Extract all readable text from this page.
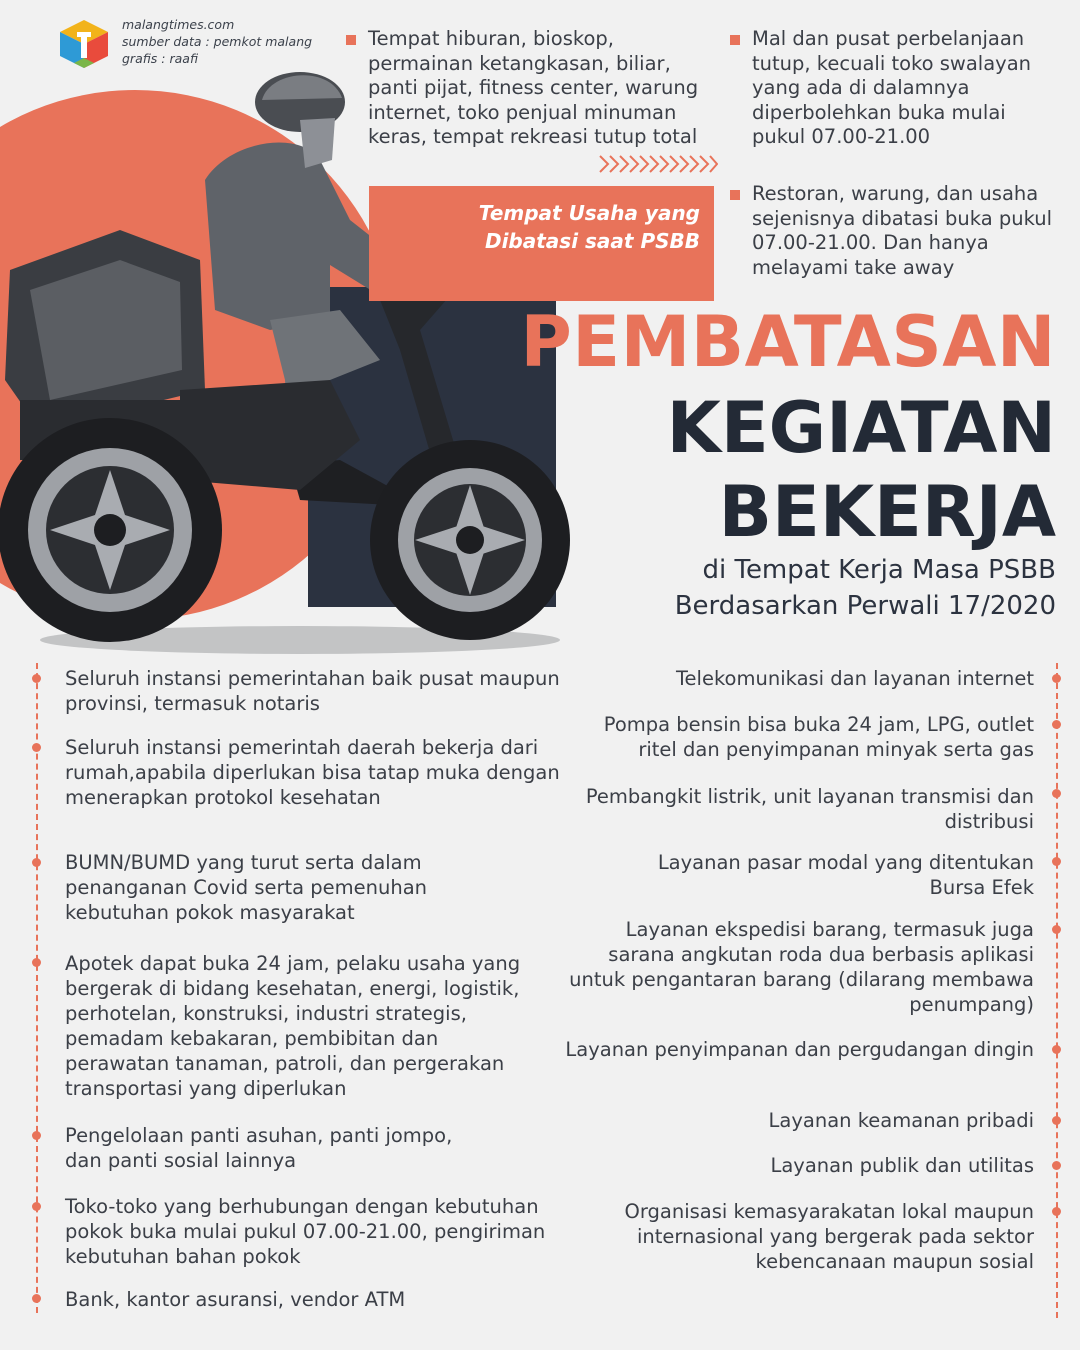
malangtimes.com
sumber data : pemkot malang
grafis : raafi
Tempat hiburan, bioskop, permainan ketangkasan, biliar, panti pijat, fitness center, warung internet, toko penjual minuman keras, tempat rekreasi tutup total
Mal dan pusat perbelanjaan tutup, kecuali toko swalayan yang ada di dalamnya diperbolehkan buka mulai pukul 07.00-21.00
Restoran, warung, dan usaha sejenisnya dibatasi buka pukul 07.00-21.00. Dan hanya melayami take away
Tempat Usaha yang
Dibatasi saat PSBB
PEMBATASAN
KEGIATAN
BEKERJA
di Tempat Kerja Masa PSBB
Berdasarkan Perwali 17/2020
Seluruh instansi pemerintahan baik pusat maupun provinsi, termasuk notaris
Seluruh instansi pemerintah daerah bekerja dari rumah,apabila diperlukan bisa tatap muka dengan menerapkan protokol kesehatan
BUMN/BUMD yang turut serta dalam penanganan Covid serta pemenuhan kebutuhan pokok masyarakat
Apotek dapat buka 24 jam, pelaku usaha yang bergerak di bidang kesehatan, energi, logistik, perhotelan, konstruksi, industri strategis, pemadam kebakaran, pembibitan dan perawatan tanaman, patroli, dan pergerakan transportasi yang diperlukan
Pengelolaan panti asuhan, panti jompo, dan panti sosial lainnya
Toko-toko yang berhubungan dengan kebutuhan pokok buka mulai pukul 07.00-21.00, pengiriman kebutuhan bahan pokok
Bank, kantor asuransi, vendor ATM
Telekomunikasi dan layanan internet
Pompa bensin bisa buka 24 jam, LPG, outlet ritel dan penyimpanan minyak serta gas
Pembangkit listrik, unit layanan transmisi dan distribusi
Layanan pasar modal yang ditentukan Bursa Efek
Layanan ekspedisi barang, termasuk juga sarana angkutan roda dua berbasis aplikasi untuk pengantaran barang (dilarang membawa penumpang)
Layanan penyimpanan dan pergudangan dingin
Layanan keamanan pribadi
Layanan publik dan utilitas
Organisasi kemasyarakatan lokal maupun internasional yang bergerak pada sektor kebencanaan maupun sosial
